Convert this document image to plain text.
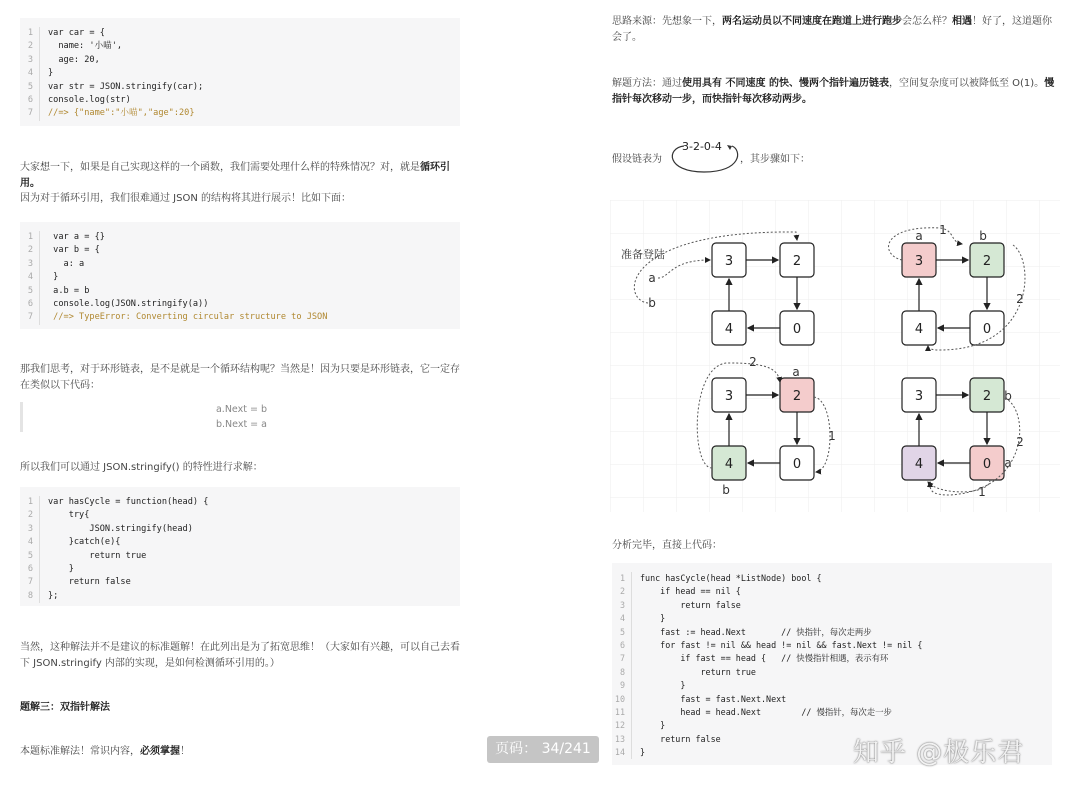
1	var car = {
2	name: '小喵',
3	age: 20,
4	}
5	var str = JSON.stringify(car);
6	console.log(str)
7	//=> {"name":"小喵","age":20}
大家想一下，如果是自己实现这样的一个函数，我们需要处理什么样的特殊情况？对，就是循环引用。
因为对于循环引用，我们很难通过 JSON 的结构将其进行展示！比如下面：
1	var a = {}
2	var b = {
3	a: a
4	}
5	a.b = b
6	console.log(JSON.stringify(a))
7	//=> TypeError: Converting circular structure to JSON
那我们思考，对于环形链表，是不是就是一个循环结构呢？当然是！因为只要是环形链表，它一定存在类似以下代码：
a.Next = b
b.Next = a
所以我们可以通过 JSON.stringify() 的特性进行求解：
1	var hasCycle = function(head) {
2	try{
3	JSON.stringify(head)
4	}catch(e){
5	return true
6	}
7	return false
8	};
当然，这种解法并不是建议的标准题解！在此列出是为了拓宽思维！（大家如有兴趣，可以自己去看下 JSON.stringify 内部的实现，是如何检测循环引用的。）
题解三：双指针解法
本题标准解法！常识内容，必须掌握！
思路来源：先想象一下，两名运动员以不同速度在跑道上进行跑步会怎么样？相遇！好了，这道题你会了。
解题方法：通过使用具有 不同速度 的快、慢两个指针遍历链表，空间复杂度可以被降低至 O(1)。慢指针每次移动一步，而快指针每次移动两步。
假设链表为
3-2-0-4
，其步骤如下：
3	2
0
4
3	2
0
4
3	2
0
4
3	2
0
4
准备登陆
a
b
a	b
1
2
a
b
2
1
b
a
2
1
分析完毕，直接上代码：
1	func hasCycle(head *ListNode) bool {
2	if head == nil {
3	return false
4	}
5	fast := head.Next       // 快指针，每次走两步
6	for fast != nil && head != nil && fast.Next != nil {
7	if fast == head {   // 快慢指针相遇，表示有环
8	return true
9	}
10	fast = fast.Next.Next
11	head = head.Next        // 慢指针，每次走一步
12	}
13	return false
14	}
页码： 34/241	知乎 @极乐君
